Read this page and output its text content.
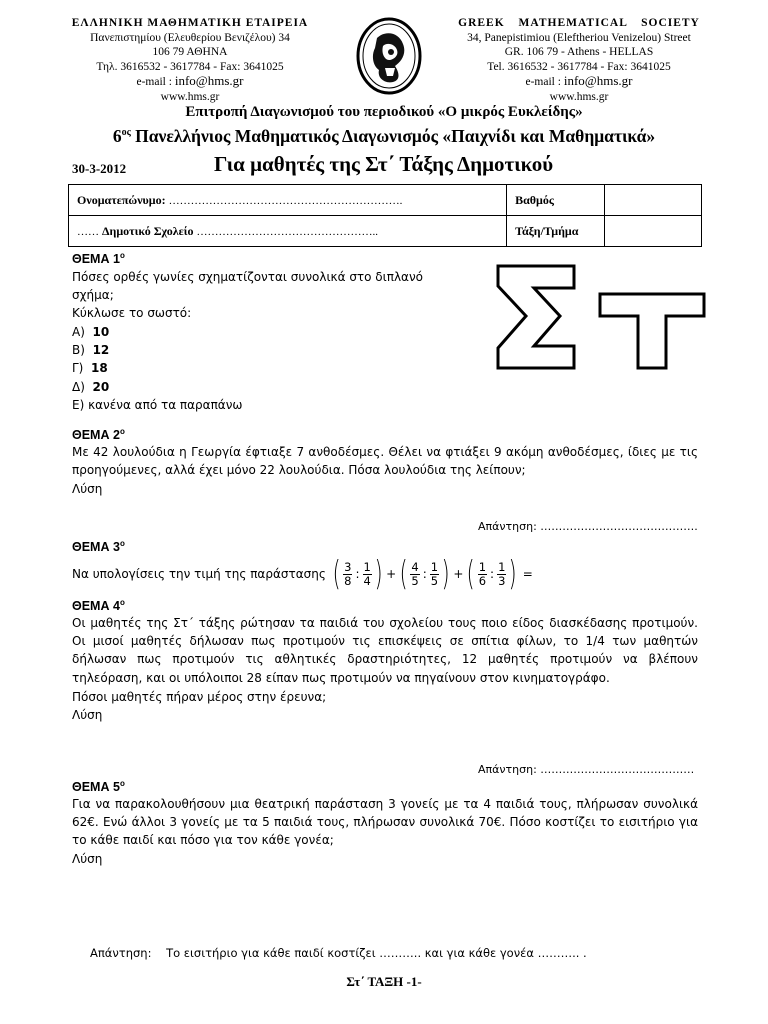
ΕΛΛΗΝΙΚΗ ΜΑΘΗΜΑΤΙΚΗ ΕΤΑΙΡΕΙΑ
Πανεπιστημίου (Ελευθερίου Βενιζέλου) 34
106 79 ΑΘΗΝΑ
Τηλ. 3616532 - 3617784 - Fax: 3641025
e-mail : info@hms.gr
www.hms.gr
GREEK MATHEMATICAL SOCIETY
34, Panepistimiou (Εleftheriou Venizelou) Street
GR. 106 79 - Athens - HELLAS
Tel. 3616532 - 3617784 - Fax: 3641025
e-mail : info@hms.gr
www.hms.gr
Επιτροπή Διαγωνισμού του περιοδικού «Ο μικρός Ευκλείδης»
$6^{o\varsigma}$ Πανελλήνιος Μαθηματικός Διαγωνισμός «Παιχνίδι και Μαθηματικά»
30-3-2012	Για μαθητές της Στ΄ Τάξης Δημοτικού
Ονοματεπώνυμο: ……………………………………………………….	Βαθμός	
…… Δημοτικό Σχολείο …………………………………………..	Τάξη/Τμήμα	
ΘΕΜΑ $1^o$
Πόσες ορθές γωνίες σχηματίζονται συνολικά στο διπλανό
σχήμα;
Κύκλωσε το σωστό:
Α) 10
Β) 12
Γ) 18
Δ) 20
Ε) κανένα από τα παραπάνω
ΘΕΜΑ $2^o$
Με 42 λουλούδια η Γεωργία έφτιαξε 7 ανθοδέσμες. Θέλει να φτιάξει 9 ακόμη ανθοδέσμες, ίδιες με τις προηγούμενες, αλλά έχει μόνο 22 λουλούδια. Πόσα λουλούδια της λείπουν;
Λύση
Απάντηση: …………………………………….
ΘΕΜΑ $3^o$
Να υπολογίσεις την τιμή της παράστασης ( $\frac{3}{8}$ : $\frac{1}{4}$ ) + ( $\frac{4}{5}$ : $\frac{1}{5}$ ) + ( $\frac{1}{6}$ : $\frac{1}{3}$ ) =
ΘΕΜΑ $4^o$
Οι μαθητές της Στ΄ τάξης ρώτησαν τα παιδιά του σχολείου τους ποιο είδος διασκέδασης προτιμούν. Οι μισοί μαθητές δήλωσαν πως προτιμούν τις επισκέψεις σε σπίτια φίλων, το 1/4 των μαθητών δήλωσαν πως προτιμούν τις αθλητικές δραστηριότητες, 12 μαθητές προτιμούν να βλέπουν τηλεόραση, και οι υπόλοιποι 28 είπαν πως προτιμούν να πηγαίνουν στον κινηματογράφο.
Πόσοι μαθητές πήραν μέρος στην έρευνα;
Λύση
Απάντηση: ……………………………………
ΘΕΜΑ $5^o$
Για να παρακολουθήσουν μια θεατρική παράσταση 3 γονείς με τα 4 παιδιά τους, πλήρωσαν συνολικά 62€. Ενώ άλλοι 3 γονείς με τα 5 παιδιά τους, πλήρωσαν συνολικά 70€. Πόσο κοστίζει το εισιτήριο για το κάθε παιδί και πόσο για τον κάθε γονέα;
Λύση
Απάντηση:    Το εισιτήριο για κάθε παιδί κοστίζει ……….. και για κάθε γονέα ……….. .
Στ΄ ΤΑΞΗ -1-
